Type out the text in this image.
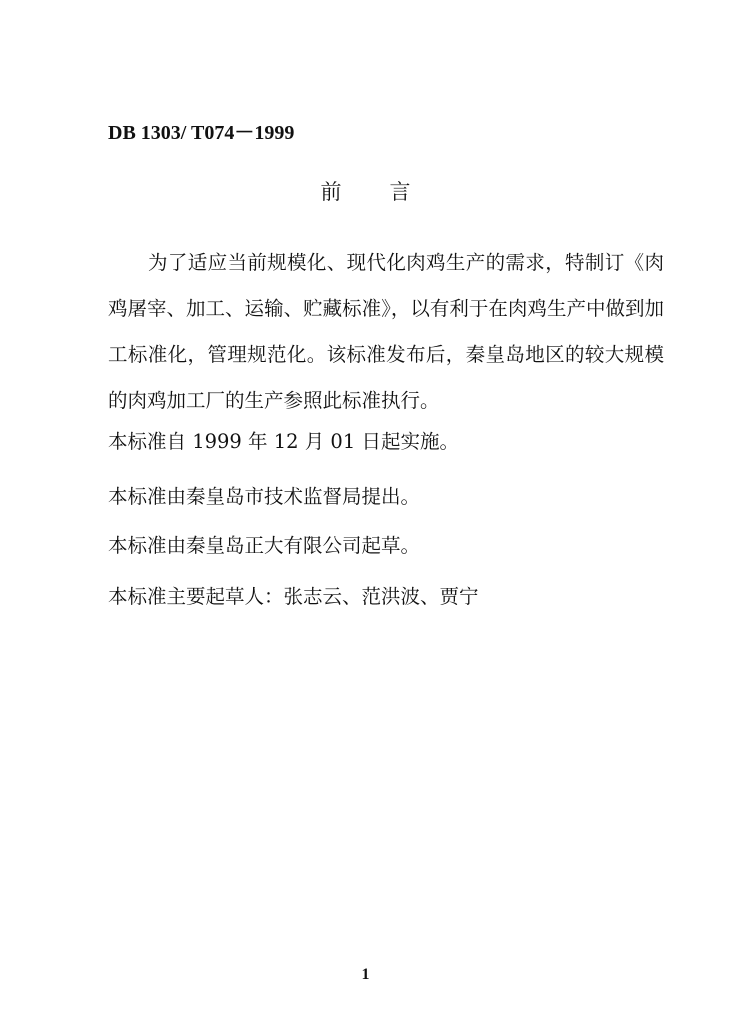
DB 1303/ T074－1999
前 言

为了适应当前规模化、现代化肉鸡生产的需求，特制订《肉鸡屠宰、加工、运输、贮藏标准》，以有利于在肉鸡生产中做到加工标准化，管理规范化。该标准发布后，秦皇岛地区的较大规模的肉鸡加工厂的生产参照此标准执行。

本标准自 1999 年 12 月 01 日起实施。

本标准由秦皇岛市技术监督局提出。

本标准由秦皇岛正大有限公司起草。

本标准主要起草人：张志云、范洪波、贾宁

1
